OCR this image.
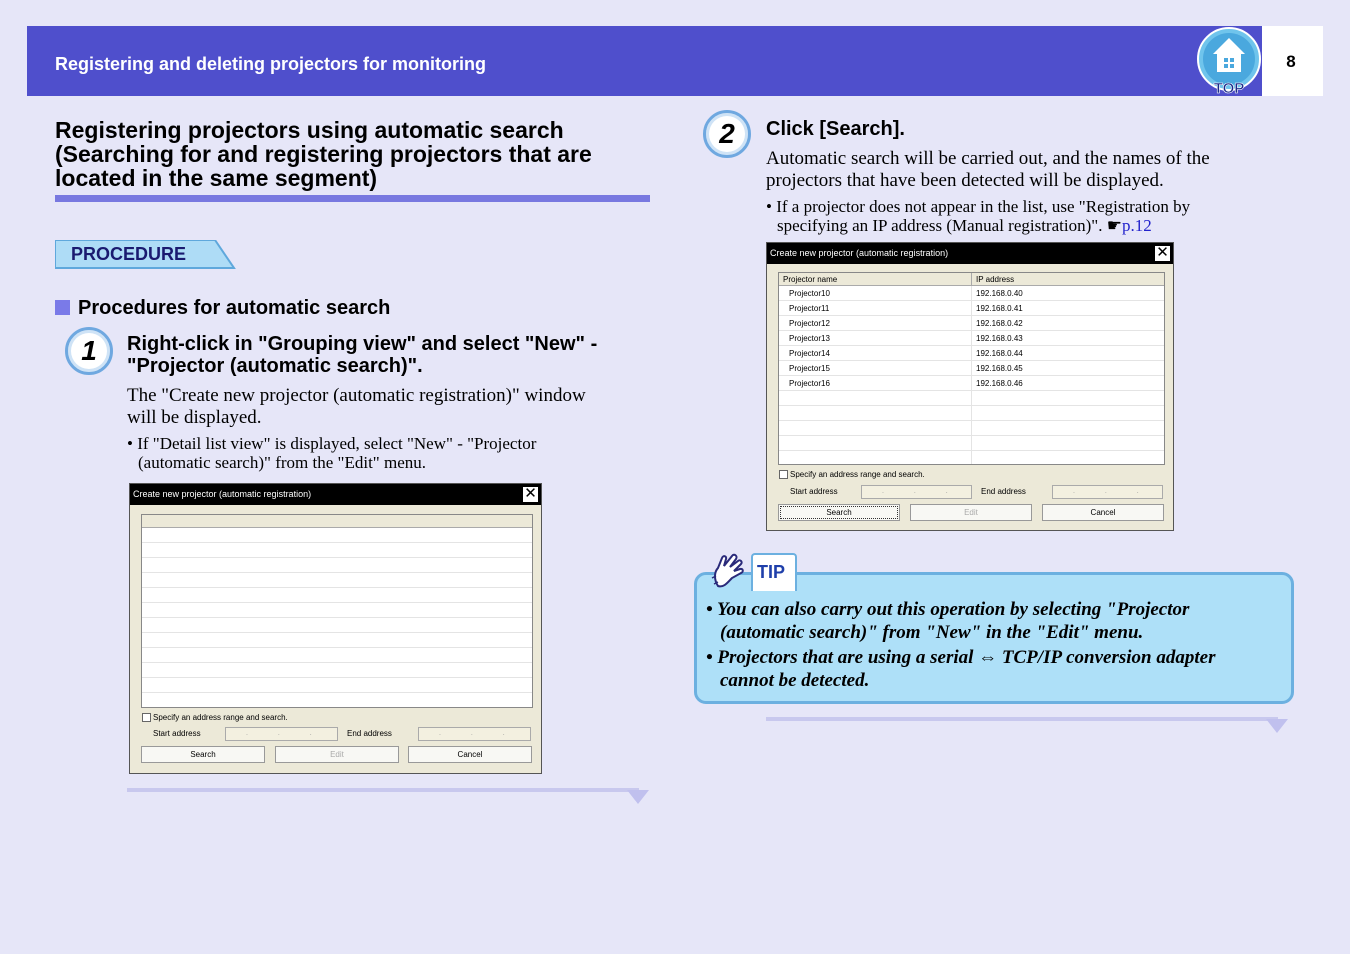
Registering and deleting projectors for monitoring	8
TOP
Registering projectors using automatic search
(Searching for and registering projectors that are
located in the same segment)
PROCEDURE
Procedures for automatic search
1	Right-click in "Grouping view" and select "New" -
"Projector (automatic search)".
The "Create new projector (automatic registration)" window
will be displayed.
• If "Detail list view" is displayed, select "New" - "Projector
(automatic search)" from the "Edit" menu.
Create new projector (automatic registration)	✕
Specify an address range and search.
Start address	. . .	End address	. . .
Search	Edit	Cancel
2	Click [Search].
Automatic search will be carried out, and the names of the
projectors that have been detected will be displayed.
• If a projector does not appear in the list, use "Registration by
specifying an IP address (Manual registration)". ☛p.12
Create new projector (automatic registration)	✕
Projector name	IP address
Projector10	192.168.0.40
Projector11	192.168.0.41
Projector12	192.168.0.42
Projector13	192.168.0.43
Projector14	192.168.0.44
Projector15	192.168.0.45
Projector16	192.168.0.46
Specify an address range and search.
Start address	. . .	End address	. . .
Search	Edit	Cancel
TIP
• You can also carry out this operation by selecting "Projector
(automatic search)" from "New" in the "Edit" menu.
• Projectors that are using a serial ⇔ TCP/IP conversion adapter
cannot be detected.
